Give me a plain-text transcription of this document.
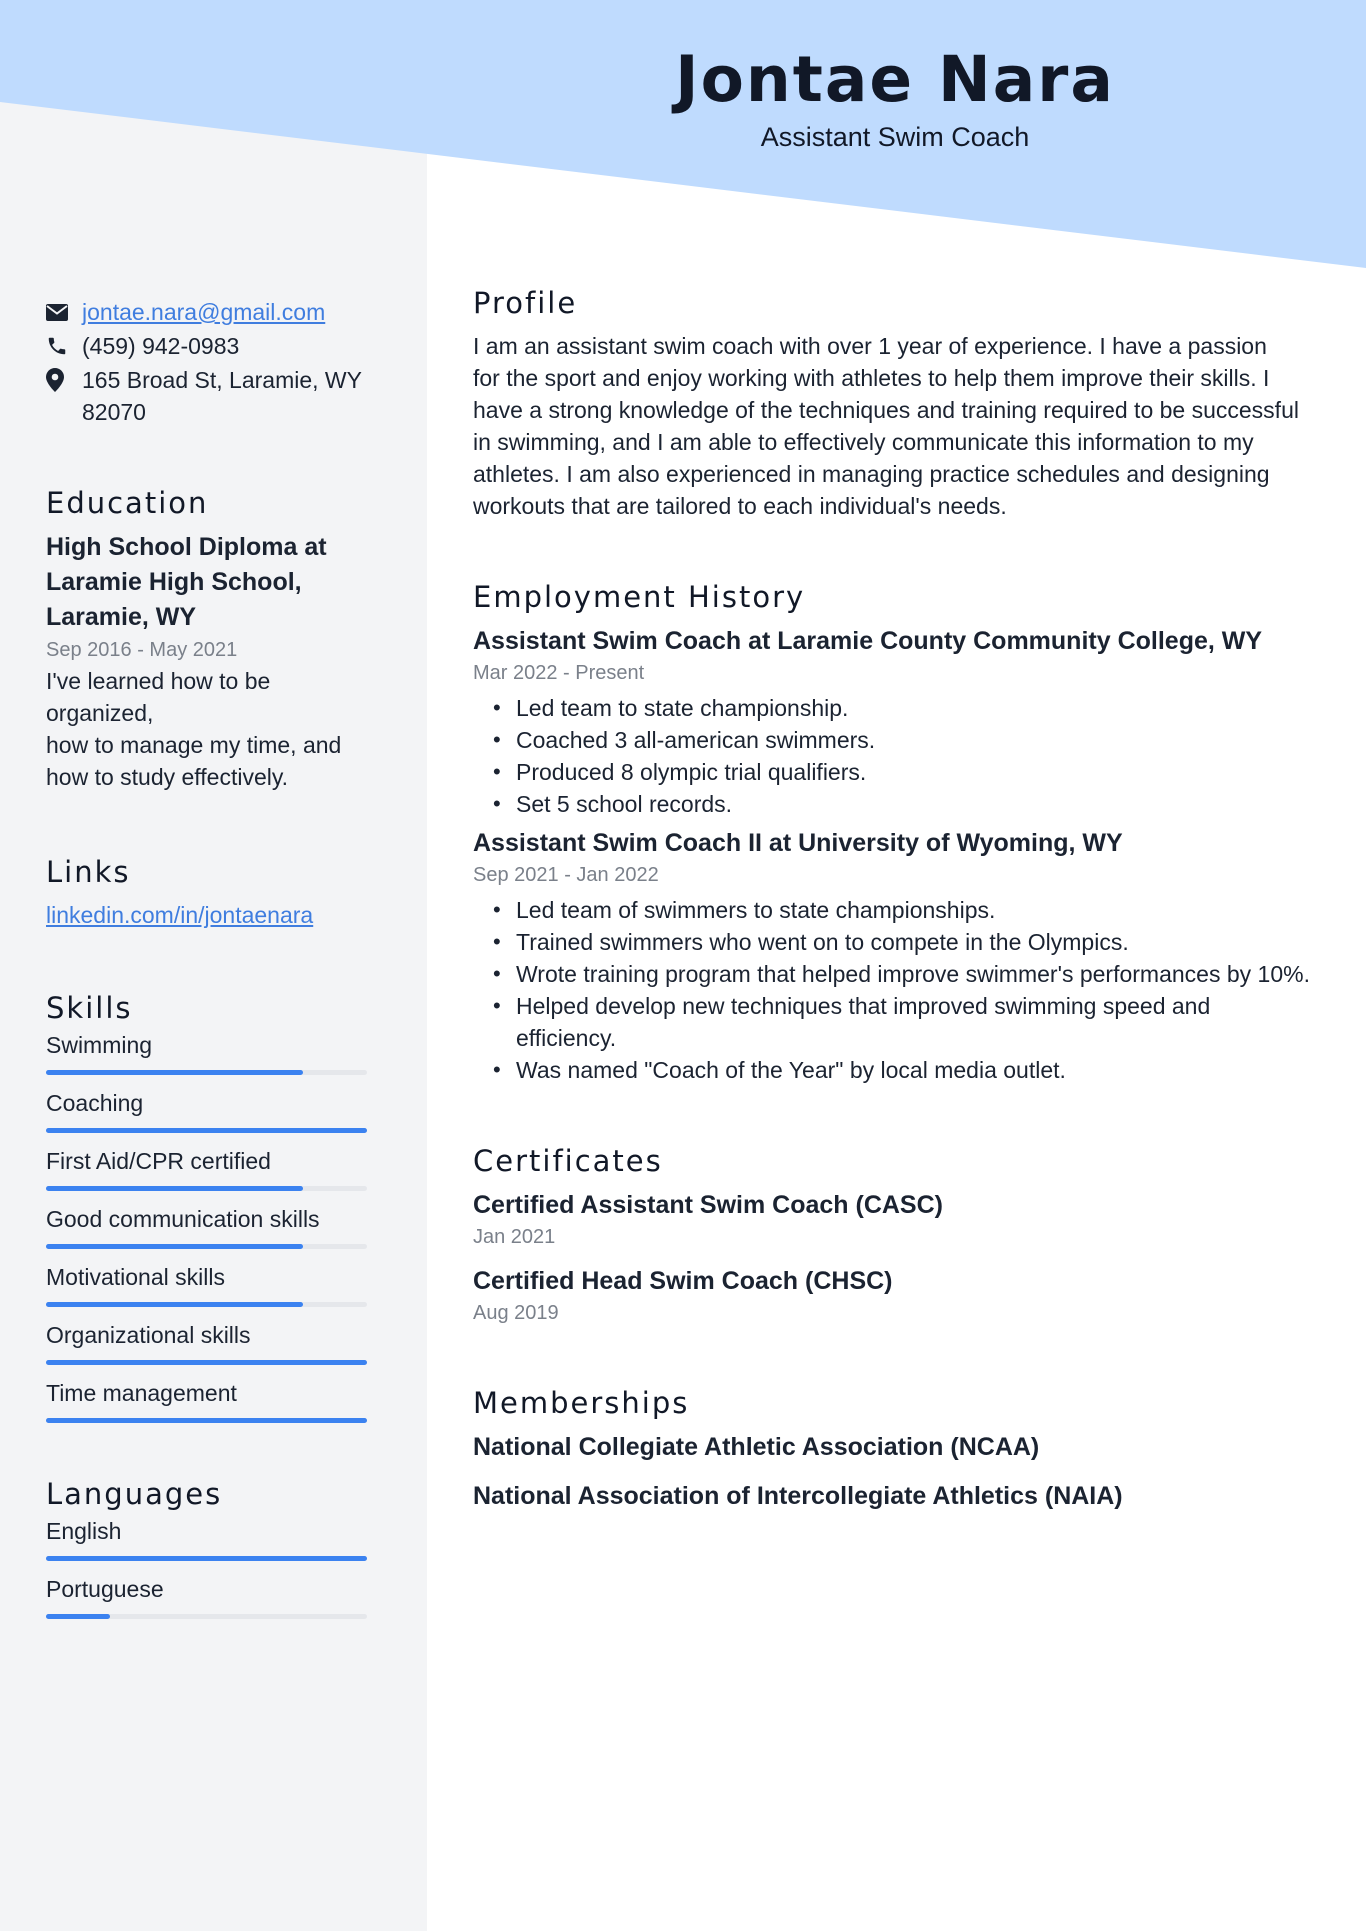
Jontae Nara
Assistant Swim Coach
jontae.nara@gmail.com
(459) 942-0983
165 Broad St, Laramie, WY
82070
Education
High School Diploma at
Laramie High School,
Laramie, WY
Sep 2016 - May 2021
I've learned how to be organized,
how to manage my time, and
how to study effectively.
Links
linkedin.com/in/jontaenara
Skills
Swimming
Coaching
First Aid/CPR certified
Good communication skills
Motivational skills
Organizational skills
Time management
Languages
English
Portuguese
Profile
I am an assistant swim coach with over 1 year of experience. I have a passion
for the sport and enjoy working with athletes to help them improve their skills. I
have a strong knowledge of the techniques and training required to be successful
in swimming, and I am able to effectively communicate this information to my
athletes. I am also experienced in managing practice schedules and designing
workouts that are tailored to each individual's needs.
Employment History
Assistant Swim Coach at Laramie County Community College, WY
Mar 2022 - Present
• Led team to state championship.
• Coached 3 all-american swimmers.
• Produced 8 olympic trial qualifiers.
• Set 5 school records.
Assistant Swim Coach II at University of Wyoming, WY
Sep 2021 - Jan 2022
• Led team of swimmers to state championships.
• Trained swimmers who went on to compete in the Olympics.
• Wrote training program that helped improve swimmer's performances by 10%.
• Helped develop new techniques that improved swimming speed and
efficiency.
• Was named "Coach of the Year" by local media outlet.
Certificates
Certified Assistant Swim Coach (CASC)
Jan 2021
Certified Head Swim Coach (CHSC)
Aug 2019
Memberships
National Collegiate Athletic Association (NCAA)
National Association of Intercollegiate Athletics (NAIA)
